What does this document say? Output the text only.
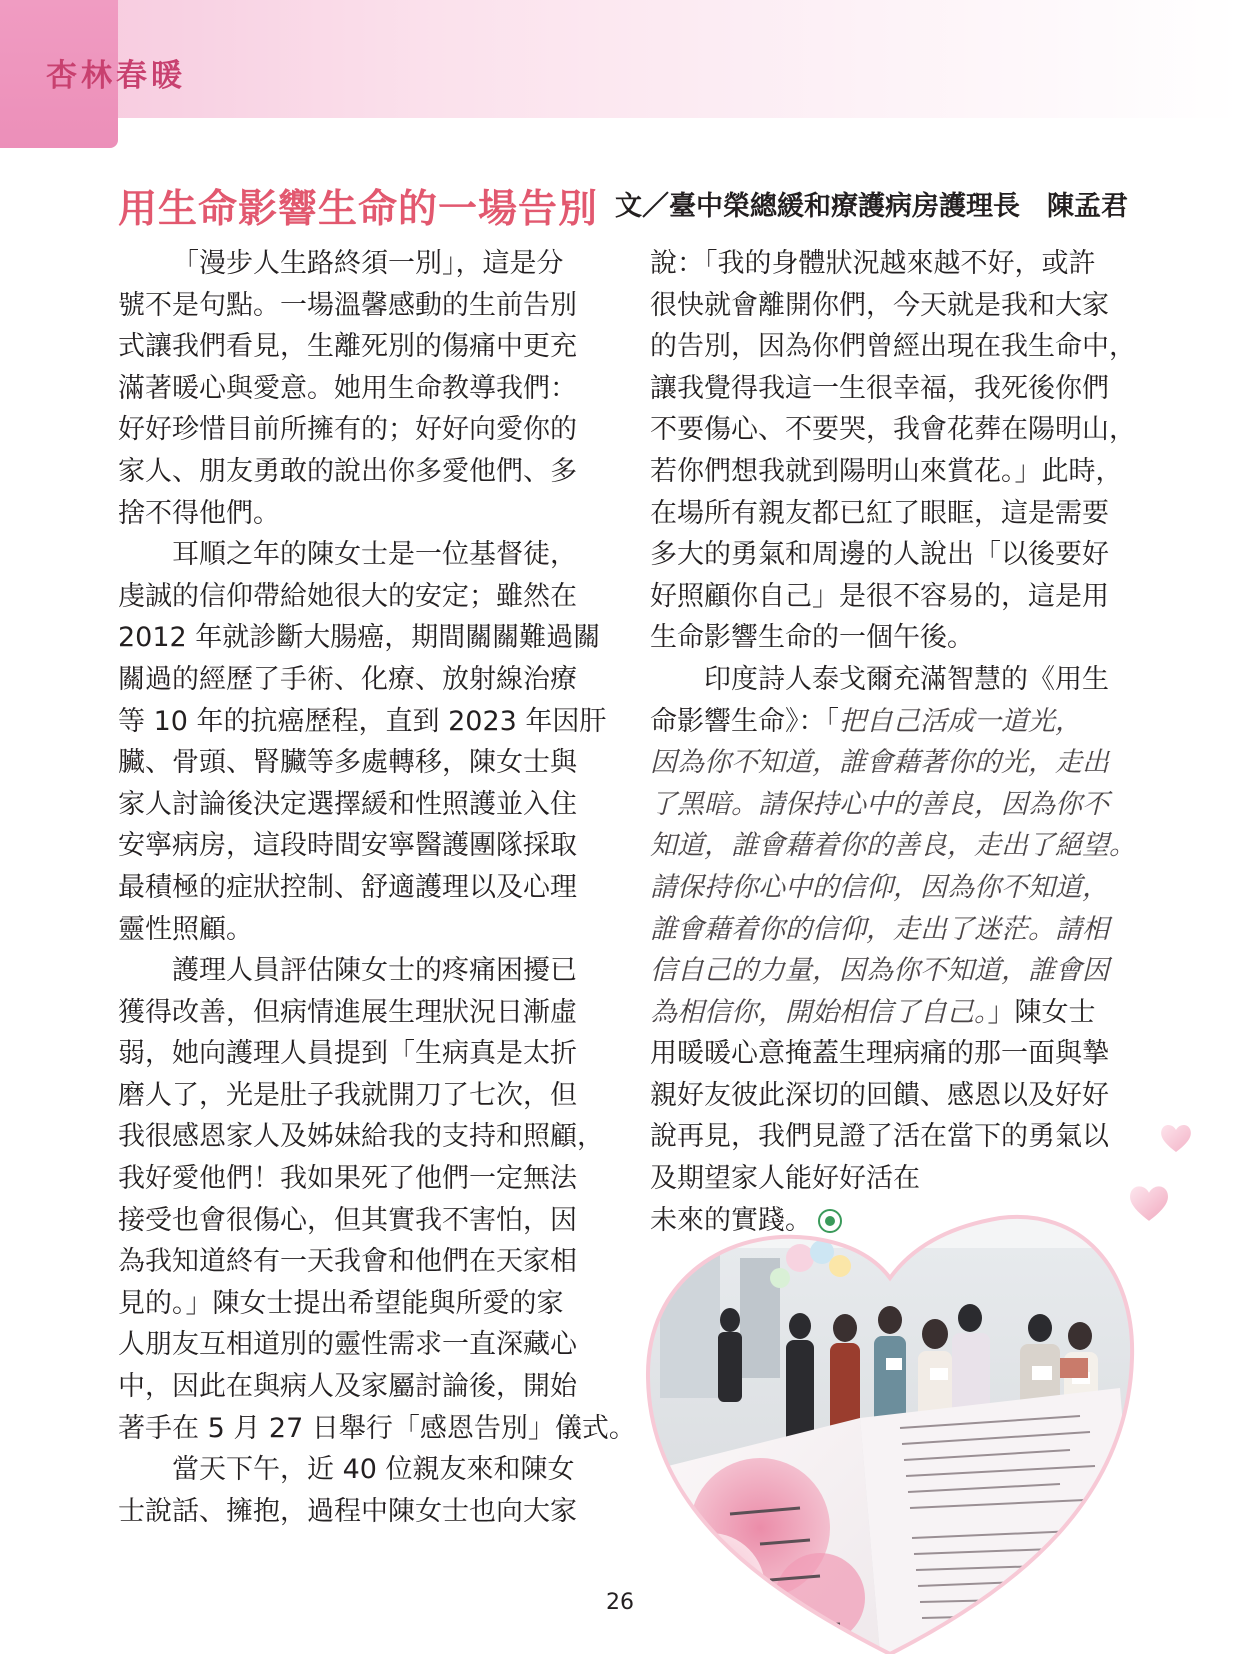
杏林春暖
用生命影響生命的一場告別 文／臺中榮總緩和療護病房護理長　陳孟君
「漫步人生路終須一別」，這是分
號不是句點。一場溫馨感動的生前告別
式讓我們看見，生離死別的傷痛中更充
滿著暖心與愛意。她用生命教導我們：
好好珍惜目前所擁有的；好好向愛你的
家人、朋友勇敢的說出你多愛他們、多
捨不得他們。
耳順之年的陳女士是一位基督徒，
虔誠的信仰帶給她很大的安定；雖然在
2012 年就診斷大腸癌，期間關關難過關
關過的經歷了手術、化療、放射線治療
等 10 年的抗癌歷程，直到 2023 年因肝
臟、骨頭、腎臟等多處轉移，陳女士與
家人討論後決定選擇緩和性照護並入住
安寧病房，這段時間安寧醫護團隊採取
最積極的症狀控制、舒適護理以及心理
靈性照顧。
護理人員評估陳女士的疼痛困擾已
獲得改善，但病情進展生理狀況日漸虛
弱，她向護理人員提到「生病真是太折
磨人了，光是肚子我就開刀了七次，但
我很感恩家人及姊妹給我的支持和照顧，
我好愛他們！我如果死了他們一定無法
接受也會很傷心，但其實我不害怕，因
為我知道終有一天我會和他們在天家相
見的。」陳女士提出希望能與所愛的家
人朋友互相道別的靈性需求一直深藏心
中，因此在與病人及家屬討論後，開始
著手在 5 月 27 日舉行「感恩告別」儀式。
當天下午，近 40 位親友來和陳女
士說話、擁抱，過程中陳女士也向大家
說：「我的身體狀況越來越不好，或許
很快就會離開你們，今天就是我和大家
的告別，因為你們曾經出現在我生命中，
讓我覺得我這一生很幸福，我死後你們
不要傷心、不要哭，我會花葬在陽明山，
若你們想我就到陽明山來賞花。」此時，
在場所有親友都已紅了眼眶，這是需要
多大的勇氣和周邊的人說出「以後要好
好照顧你自己」是很不容易的，這是用
生命影響生命的一個午後。
印度詩人泰戈爾充滿智慧的《用生
命影響生命》：「把自己活成一道光，
因為你不知道，誰會藉著你的光，走出
了黑暗。請保持心中的善良，因為你不
知道，誰會藉着你的善良，走出了絕望。
請保持你心中的信仰，因為你不知道，
誰會藉着你的信仰，走出了迷茫。請相
信自己的力量，因為你不知道，誰會因
為相信你，開始相信了自己。」陳女士
用暖暖心意掩蓋生理病痛的那一面與摯
親好友彼此深切的回饋、感恩以及好好
說再見，我們見證了活在當下的勇氣以
及期望家人能好好活在
未來的實踐。
26
